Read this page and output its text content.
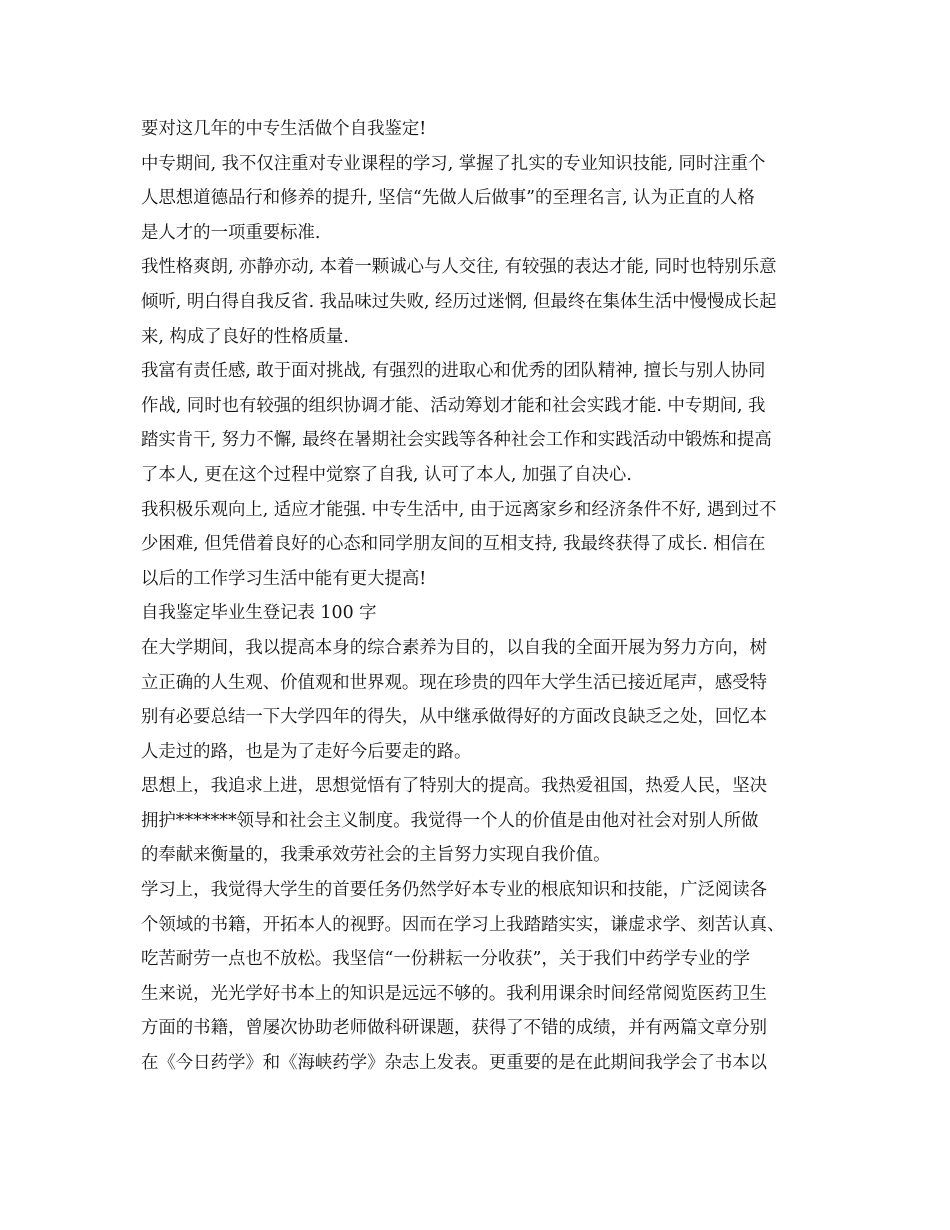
要对这几年的中专生活做个自我鉴定!
中专期间, 我不仅注重对专业课程的学习, 掌握了扎实的专业知识技能, 同时注重个
人思想道德品行和修养的提升, 坚信“先做人后做事”的至理名言, 认为正直的人格
是人才的一项重要标准.
我性格爽朗, 亦静亦动, 本着一颗诚心与人交往, 有较强的表达才能, 同时也特别乐意
倾听, 明白得自我反省. 我品味过失败, 经历过迷惘, 但最终在集体生活中慢慢成长起
来, 构成了良好的性格质量.
我富有责任感, 敢于面对挑战, 有强烈的进取心和优秀的团队精神, 擅长与别人协同
作战, 同时也有较强的组织协调才能、活动筹划才能和社会实践才能. 中专期间, 我
踏实肯干, 努力不懈, 最终在暑期社会实践等各种社会工作和实践活动中锻炼和提高
了本人, 更在这个过程中觉察了自我, 认可了本人, 加强了自决心.
我积极乐观向上, 适应才能强. 中专生活中, 由于远离家乡和经济条件不好, 遇到过不
少困难, 但凭借着良好的心态和同学朋友间的互相支持, 我最终获得了成长. 相信在
以后的工作学习生活中能有更大提高!
自我鉴定毕业生登记表 100 字
在大学期间，我以提高本身的综合素养为目的，以自我的全面开展为努力方向，树
立正确的人生观、价值观和世界观。现在珍贵的四年大学生活已接近尾声，感受特
别有必要总结一下大学四年的得失，从中继承做得好的方面改良缺乏之处，回忆本
人走过的路，也是为了走好今后要走的路。
思想上，我追求上进，思想觉悟有了特别大的提高。我热爱祖国，热爱人民，坚决
拥护*******领导和社会主义制度。我觉得一个人的价值是由他对社会对别人所做
的奉献来衡量的，我秉承效劳社会的主旨努力实现自我价值。
学习上，我觉得大学生的首要任务仍然学好本专业的根底知识和技能，广泛阅读各
个领域的书籍，开拓本人的视野。因而在学习上我踏踏实实，谦虚求学、刻苦认真、
吃苦耐劳一点也不放松。我坚信“一份耕耘一分收获”，关于我们中药学专业的学
生来说，光光学好书本上的知识是远远不够的。我利用课余时间经常阅览医药卫生
方面的书籍，曾屡次协助老师做科研课题，获得了不错的成绩，并有两篇文章分别
在《今日药学》和《海峡药学》杂志上发表。更重要的是在此期间我学会了书本以
